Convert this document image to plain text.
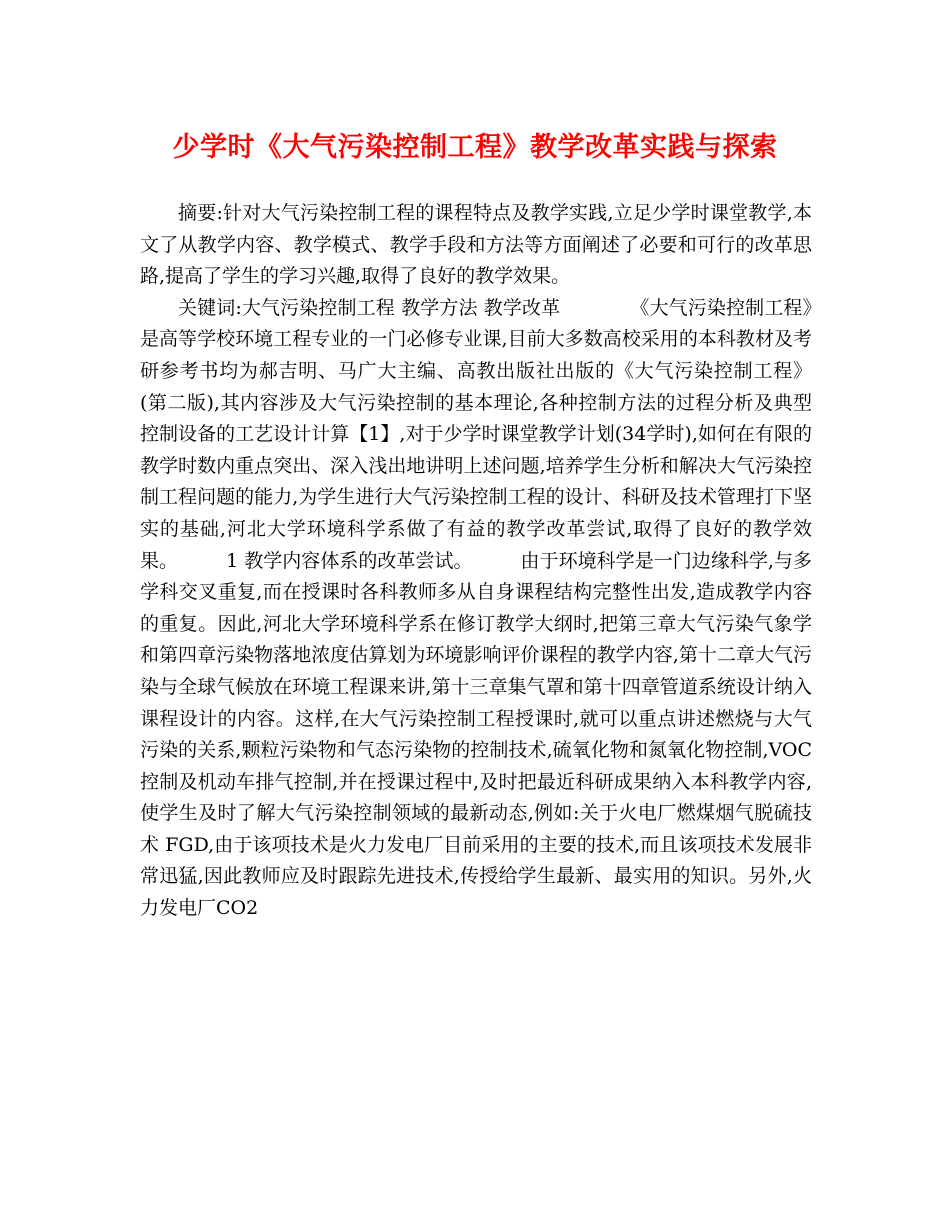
少学时《大气污染控制工程》教学改革实践与探索

摘要:针对大气污染控制工程的课程特点及教学实践,立足少学时课堂教学,本文了从教学内容、教学模式、教学手段和方法等方面阐述了必要和可行的改革思路,提高了学生的学习兴趣,取得了良好的教学效果。

关键词:大气污染控制工程 教学方法 教学改革	《大气污染控制工程》是高等学校环境工程专业的一门必修专业课,目前大多数高校采用的本科教材及考研参考书均为郝吉明、马广大主编、高教出版社出版的《大气污染控制工程》(第二版),其内容涉及大气污染控制的基本理论,各种控制方法的过程分析及典型控制设备的工艺设计计算【1】,对于少学时课堂教学计划(34学时),如何在有限的教学时数内重点突出、深入浅出地讲明上述问题,培养学生分析和解决大气污染控制工程问题的能力,为学生进行大气污染控制工程的设计、科研及技术管理打下坚实的基础,河北大学环境科学系做了有益的教学改革尝试,取得了良好的教学效果。	1 教学内容体系的改革尝试。	由于环境科学是一门边缘科学,与多学科交叉重复,而在授课时各科教师多从自身课程结构完整性出发,造成教学内容的重复。因此,河北大学环境科学系在修订教学大纲时,把第三章大气污染气象学和第四章污染物落地浓度估算划为环境影响评价课程的教学内容,第十二章大气污染与全球气候放在环境工程课来讲,第十三章集气罩和第十四章管道系统设计纳入课程设计的内容。这样,在大气污染控制工程授课时,就可以重点讲述燃烧与大气污染的关系,颗粒污染物和气态污染物的控制技术,硫氧化物和氮氧化物控制,VOC控制及机动车排气控制,并在授课过程中,及时把最近科研成果纳入本科教学内容,使学生及时了解大气污染控制领域的最新动态,例如:关于火电厂燃煤烟气脱硫技术 FGD,由于该项技术是火力发电厂目前采用的主要的技术,而且该项技术发展非常迅猛,因此教师应及时跟踪先进技术,传授给学生最新、最实用的知识。另外,火力发电厂CO2
